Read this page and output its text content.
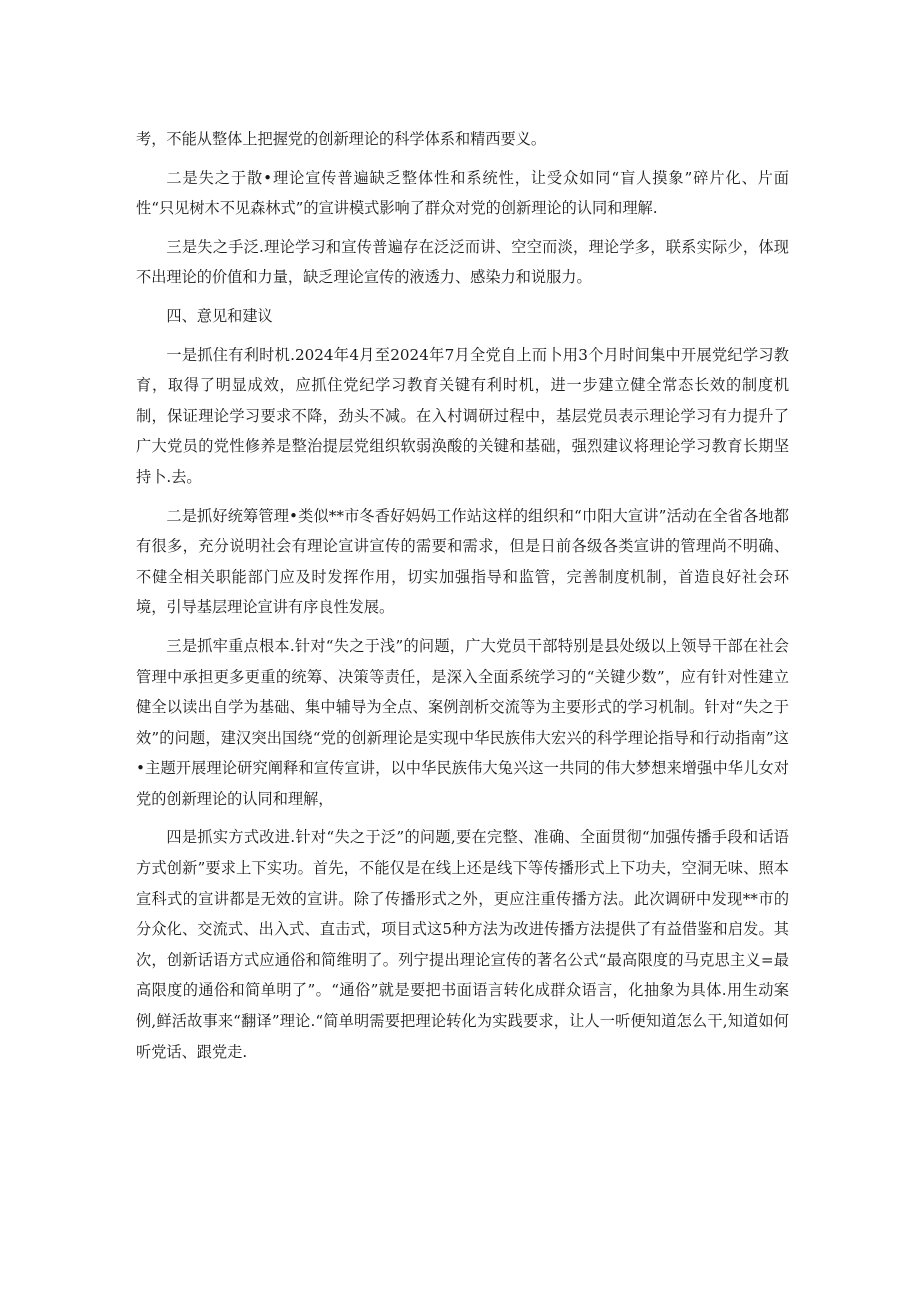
考，不能从整体上把握党的创新理论的科学体系和精西要义。

二是失之于散•理论宣传普遍缺乏整体性和系统性，让受众如同“盲人摸象”碎片化、片面性“只见树木不见森林式”的宣讲模式影响了群众对党的创新理论的认同和理解.

三是失之手泛.理论学习和宣传普遍存在泛泛而讲、空空而淡，理论学多，联系实际少，体现不出理论的价值和力量，缺乏理论宣传的液透力、感染力和说服力。

四、意见和建议

一是抓住有利时机.2024年4月至2024年7月全党自上而卜用3个月时间集中开展党纪学习教育，取得了明显成效，应抓住党纪学习教育关键有利时机，进一步建立健全常态长效的制度机制，保证理论学习要求不降，劲头不减。在入村调研过程中，基层党员表示理论学习有力提升了广大党员的党性修养是整治提层党组织软弱涣酸的关键和基础，强烈建议将理论学习教育长期坚持卜.去。

二是抓好统筹管理•类似**市冬香好妈妈工作站这样的组织和“巾阳大宣讲”活动在全省各地都有很多，充分说明社会有理论宣讲宣传的需要和需求，但是日前各级各类宣讲的管理尚不明确、不健全相关职能部门应及时发挥作用，切实加强指导和监管，完善制度机制，首造良好社会环境，引导基层理论宣讲有序良性发展。

三是抓牢重点根本.针对“失之于浅”的问题，广大党员干部特别是县处级以上领导干部在社会管理中承担更多更重的统筹、决策等责任，是深入全面系统学习的“关键少数”，应有针对性建立健全以读出自学为基础、集中辅导为全点、案例剖析交流等为主要形式的学习机制。针对“失之于效”的问题，建汉突出国绕“党的创新理论是实现中华民族伟大宏兴的科学理论指导和行动指南”这•主题开展理论研究阐释和宣传宣讲，以中华民族伟大兔兴这一共同的伟大梦想来增强中华儿女对党的创新理论的认同和理解，

四是抓实方式改进.针对“失之于泛”的问题,要在完整、准确、全面贯彻“加强传播手段和话语方式创新”要求上下实功。首先，不能仅是在线上还是线下等传播形式上下功夫，空洞无味、照本宣科式的宣讲都是无效的宣讲。除了传播形式之外，更应注重传播方法。此次调研中发现**市的分众化、交流式、出入式、直击式，项目式这5种方法为改进传播方法提供了有益借鉴和启发。其次，创新话语方式应通俗和简维明了。列宁提出理论宣传的著名公式“最高限度的马克思主义=最高限度的通俗和简单明了”。“通俗”就是要把书面语言转化成群众语言，化抽象为具体.用生动案例,鲜活故事来“翻译”理论.“简单明需要把理论转化为实践要求，让人一听便知道怎么干,知道如何听党话、跟党走.
